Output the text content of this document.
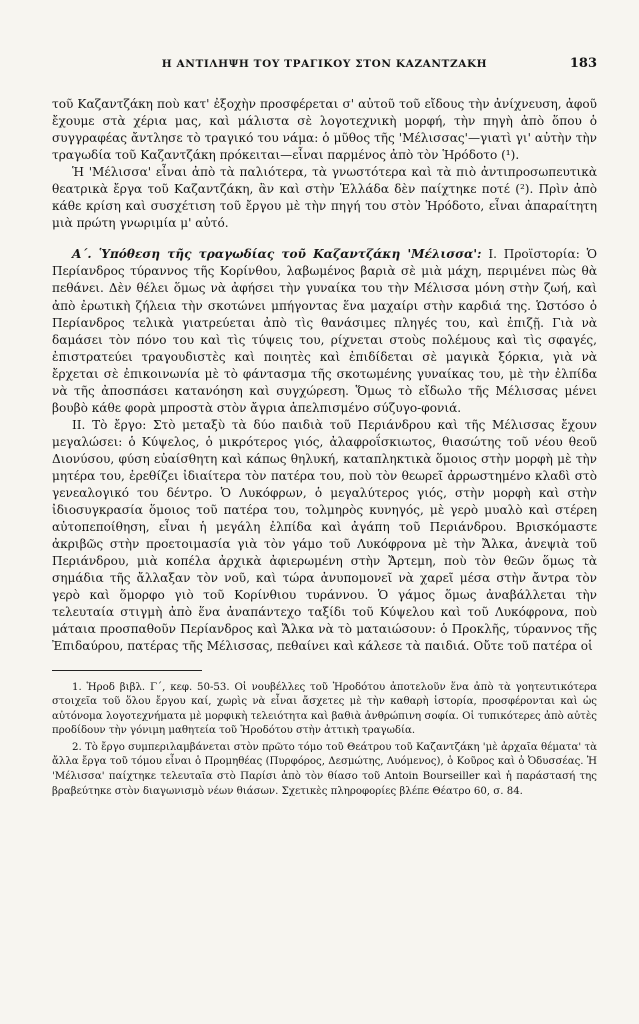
Η ΑΝΤΙΛΗΨΗ ΤΟΥ ΤΡΑΓΙΚΟΥ ΣΤΟΝ ΚΑΖΑΝΤΖΑΚΗ	183

τοῦ Καζαντζάκη ποὺ κατ' ἐξοχὴν προσφέρεται σ' αὐτοῦ τοῦ εἴδους τὴν ἀνίχνευση, ἀφοῦ ἔχουμε στὰ χέρια μας, καὶ μάλιστα σὲ λογοτεχνικὴ μορφή, τὴν πηγὴ ἀπὸ ὅπου ὁ συγγραφέας ἄντλησε τὸ τραγικό του νάμα: ὁ μῦθος τῆς 'Μέλισσας'—γιατὶ γι' αὐτὴν τὴν τραγωδία τοῦ Καζαντζάκη πρόκειται—εἶναι παρμένος ἀπὸ τὸν Ἡρόδοτο (¹).

Ἡ 'Μέλισσα' εἶναι ἀπὸ τὰ παλιότερα, τὰ γνωστότερα καὶ τὰ πιὸ ἀντιπροσωπευτικὰ θεατρικὰ ἔργα τοῦ Καζαντζάκη, ἂν καὶ στὴν Ἑλλάδα δὲν παίχτηκε ποτέ (²). Πρὶν ἀπὸ κάθε κρίση καὶ συσχέτιση τοῦ ἔργου μὲ τὴν πηγή του στὸν Ἡρόδοτο, εἶναι ἀπαραίτητη μιὰ πρώτη γνωριμία μ' αὐτό.

Α΄. Ὑπόθεση τῆς τραγωδίας τοῦ Καζαντζάκη 'Μέλισσα': Ι. Προϊστορία: Ὁ Περίανδρος τύραννος τῆς Κορίνθου, λαβωμένος βαριὰ σὲ μιὰ μάχη, περιμένει πὼς θὰ πεθάνει. Δὲν θέλει ὅμως νὰ ἀφήσει τὴν γυναίκα του τὴν Μέλισσα μόνη στὴν ζωή, καὶ ἀπὸ ἐρωτικὴ ζήλεια τὴν σκοτώνει μπήγοντας ἕνα μαχαίρι στὴν καρδιά της. Ὡστόσο ὁ Περίανδρος τελικὰ γιατρεύεται ἀπὸ τὶς θανάσιμες πληγές του, καὶ ἐπιζῇ. Γιὰ νὰ δαμάσει τὸν πόνο του καὶ τὶς τύψεις του, ρίχνεται στοὺς πολέμους καὶ τὶς σφαγές, ἐπιστρατεύει τραγουδιστὲς καὶ ποιητὲς καὶ ἐπιδίδεται σὲ μαγικὰ ξόρκια, γιὰ νὰ ἔρχεται σὲ ἐπικοινωνία μὲ τὸ φάντασμα τῆς σκοτωμένης γυναίκας του, μὲ τὴν ἐλπίδα νὰ τῆς ἀποσπάσει κατανόηση καὶ συγχώρεση. Ὅμως τὸ εἴδωλο τῆς Μέλισσας μένει βουβὸ κάθε φορὰ μπροστὰ στὸν ἄγρια ἀπελπισμένο σύζυγο-φονιά.

ΙΙ. Τὸ ἔργο: Στὸ μεταξὺ τὰ δύο παιδιὰ τοῦ Περιάνδρου καὶ τῆς Μέλισσας ἔχουν μεγαλώσει: ὁ Κύψελος, ὁ μικρότερος γιός, ἀλαφροΐσκιωτος, θιασώτης τοῦ νέου θεοῦ Διονύσου, φύση εὐαίσθητη καὶ κάπως θηλυκή, καταπληκτικὰ ὅμοιος στὴν μορφὴ μὲ τὴν μητέρα του, ἐρεθίζει ἰδιαίτερα τὸν πατέρα του, ποὺ τὸν θεωρεῖ ἀρρωστημένο κλαδὶ στὸ γενεαλογικό του δέντρο. Ὁ Λυκόφρων, ὁ μεγαλύτερος γιός, στὴν μορφὴ καὶ στὴν ἰδιοσυγκρασία ὅμοιος τοῦ πατέρα του, τολμηρὸς κυνηγός, μὲ γερὸ μυαλὸ καὶ στέρεη αὐτοπεποίθηση, εἶναι ἡ μεγάλη ἐλπίδα καὶ ἀγάπη τοῦ Περιάνδρου. Βρισκόμαστε ἀκριβῶς στὴν προετοιμασία γιὰ τὸν γάμο τοῦ Λυκόφρονα μὲ τὴν Ἄλκα, ἀνεψιὰ τοῦ Περιάνδρου, μιὰ κοπέλα ἀρχικὰ ἀφιερωμένη στὴν Ἄρτεμη, ποὺ τὸν θεῶν ὅμως τὰ σημάδια τῆς ἄλλαξαν τὸν νοῦ, καὶ τώρα ἀνυπομονεῖ νὰ χαρεῖ μέσα στὴν ἄντρα τὸν γερὸ καὶ ὅμορφο γιὸ τοῦ Κορίνθιου τυράννου. Ὁ γάμος ὅμως ἀναβάλλεται τὴν τελευταία στιγμὴ ἀπὸ ἕνα ἀναπάντεχο ταξίδι τοῦ Κύψελου καὶ τοῦ Λυκόφρονα, ποὺ μάταια προσπαθοῦν Περίανδρος καὶ Ἄλκα νὰ τὸ ματαιώσουν: ὁ Προκλῆς, τύραννος τῆς Ἐπιδαύρου, πατέρας τῆς Μέλισσας, πεθαίνει καὶ κάλεσε τὰ παιδιά. Οὔτε τοῦ πατέρα οἱ

1. Ἡροδ βιβλ. Γ΄, κεφ. 50-53. Οἱ νουβέλλες τοῦ Ἡροδότου ἀποτελοῦν ἕνα ἀπὸ τὰ γοητευτικότερα στοιχεῖα τοῦ ὅλου ἔργου καί, χωρὶς νὰ εἶναι ἄσχετες μὲ τὴν καθαρὴ ἱστορία, προσφέρονται καὶ ὡς αὐτόνομα λογοτεχνήματα μὲ μορφικὴ τελειότητα καὶ βαθιὰ ἀνθρώπινη σοφία. Οἱ τυπικότερες ἀπὸ αὐτὲς προδίδουν τὴν γόνιμη μαθητεία τοῦ Ἡροδότου στὴν ἀττικὴ τραγωδία.

2. Τὸ ἔργο συμπεριλαμβάνεται στὸν πρῶτο τόμο τοῦ Θεάτρου τοῦ Καζαντζάκη 'μὲ ἀρχαῖα θέματα' τὰ ἄλλα ἔργα τοῦ τόμου εἶναι ὁ Προμηθέας (Πυρφόρος, Δεσμώτης, Λυόμενος), ὁ Κοῦρος καὶ ὁ Ὀδυσσέας. Ἡ 'Μέλισσα' παίχτηκε τελευταῖα στὸ Παρίσι ἀπὸ τὸν θίασο τοῦ Antoin Bourseiller καὶ ἡ παράστασή της βραβεύτηκε στὸν διαγωνισμὸ νέων θιάσων. Σχετικὲς πληροφορίες βλέπε Θέατρο 60, σ. 84.
